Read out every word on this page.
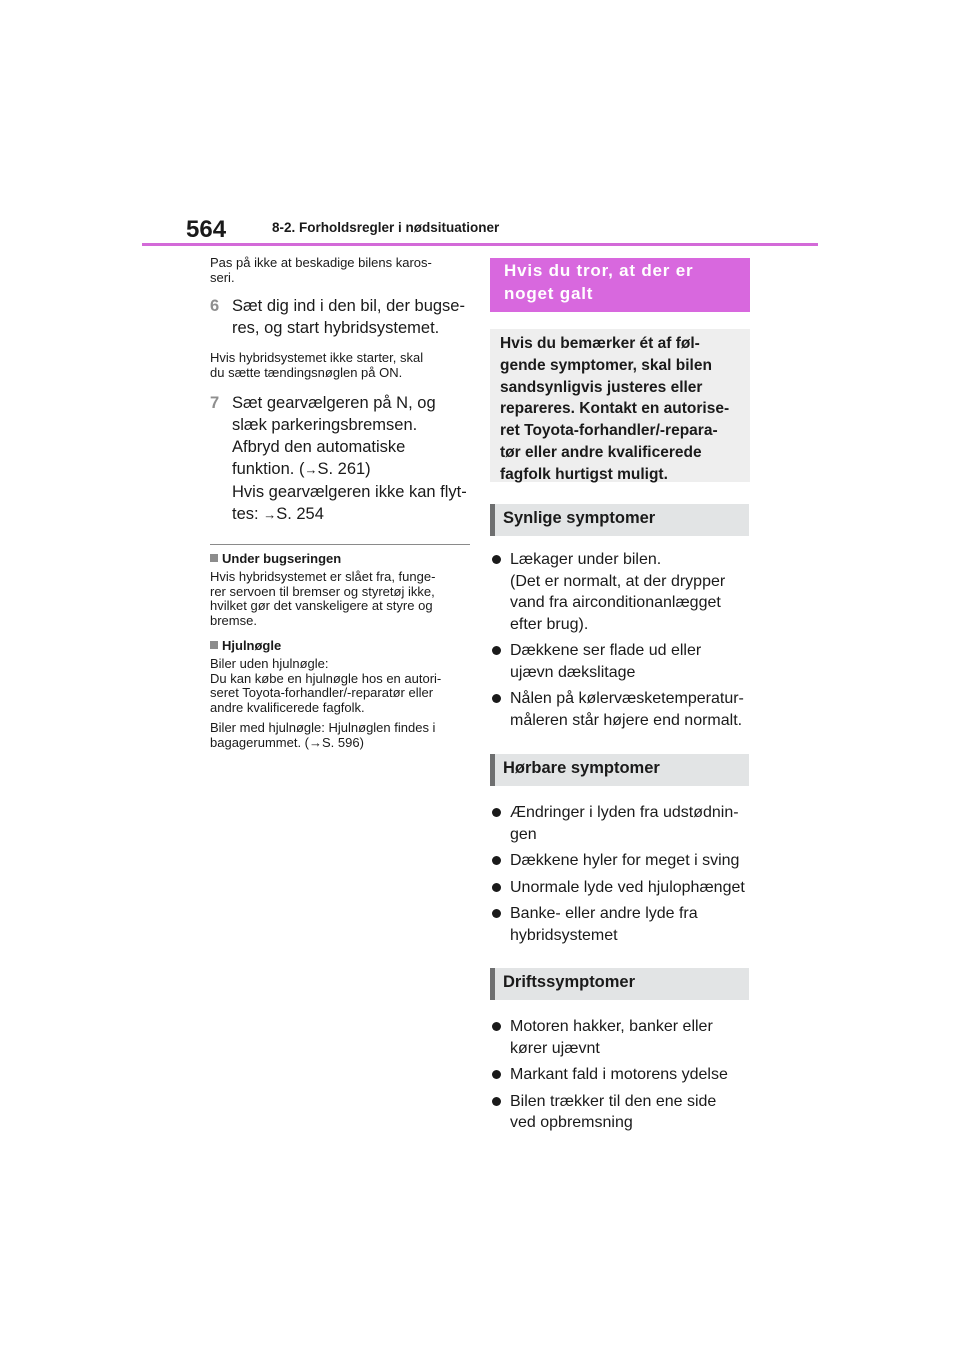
564	8-2. Forholdsregler i nødsituationer

Pas på ikke at beskadige bilens karos-
seri.

6 Sæt dig ind i den bil, der bugse-
res, og start hybridsystemet.

Hvis hybridsystemet ikke starter, skal
du sætte tændingsnøglen på ON.

7 Sæt gearvælgeren på N, og
slæk parkeringsbremsen.
Afbryd den automatiske
funktion. (→S. 261)
Hvis gearvælgeren ikke kan flyt-
tes: →S. 254

Under bugseringen

Hvis hybridsystemet er slået fra, funge-
rer servoen til bremser og styretøj ikke,
hvilket gør det vanskeligere at styre og
bremse.

Hjulnøgle

Biler uden hjulnøgle:
Du kan købe en hjulnøgle hos en autori-
seret Toyota-forhandler/-reparatør eller
andre kvalificerede fagfolk.

Biler med hjulnøgle: Hjulnøglen findes i
bagagerummet. (→S. 596)

Hvis du tror, at der er
noget galt
Hvis du bemærker ét af føl-
gende symptomer, skal bilen
sandsynligvis justeres eller
repareres. Kontakt en autorise-
ret Toyota-forhandler/-repara-
tør eller andre kvalificerede
fagfolk hurtigst muligt.
Synlige symptomer
Lækager under bilen.
(Det er normalt, at der drypper
vand fra airconditionanlægget
efter brug).
Dækkene ser flade ud eller
ujævn dækslitage
Nålen på kølervæsketemperatur-
måleren står højere end normalt.
Hørbare symptomer
Ændringer i lyden fra udstødnin-
gen
Dækkene hyler for meget i sving
Unormale lyde ved hjulophænget
Banke- eller andre lyde fra
hybridsystemet
Driftssymptomer
Motoren hakker, banker eller
kører ujævnt
Markant fald i motorens ydelse
Bilen trækker til den ene side
ved opbremsning
